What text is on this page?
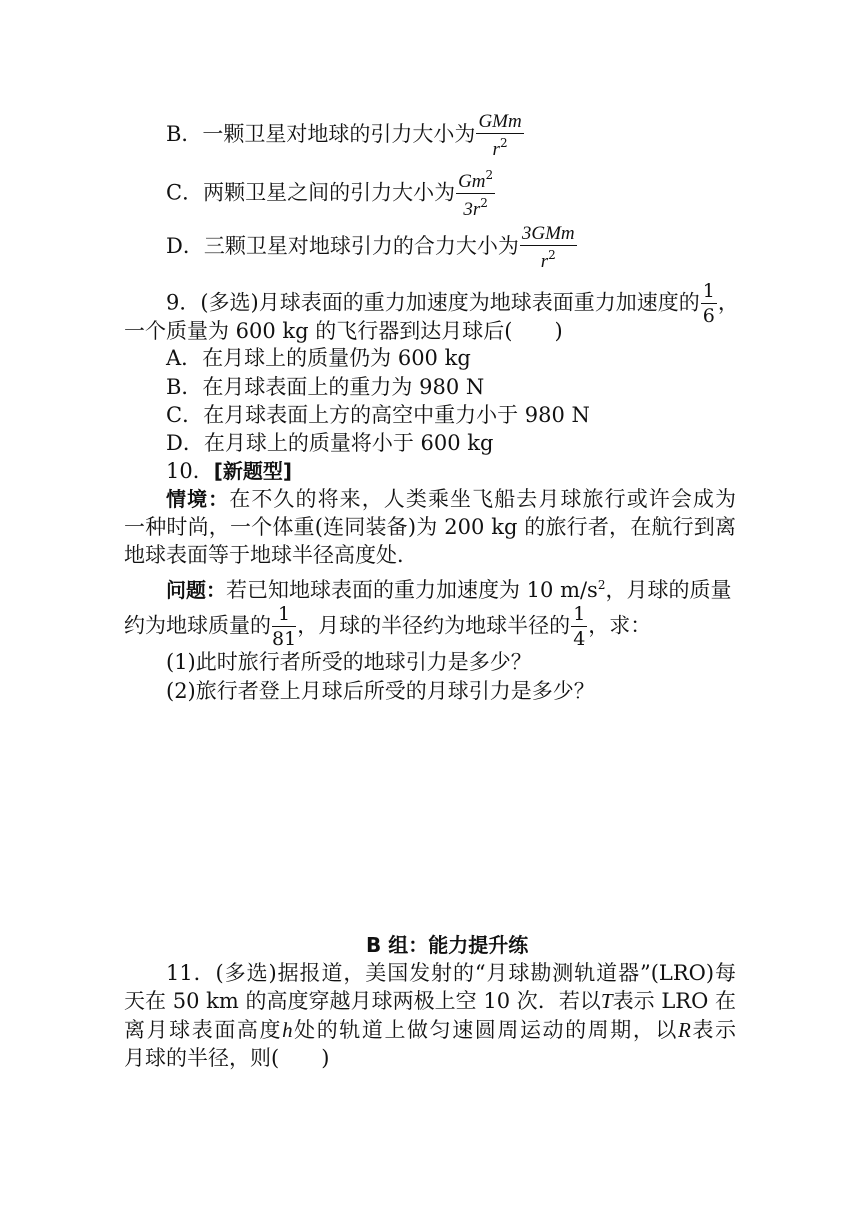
B．一颗卫星对地球的引力大小为 $\frac{\text{GMm}}{r^2}$
C．两颗卫星之间的引力大小为 $\frac{Gm^2}{3r^2}$
D．三颗卫星对地球引力的合力大小为 $\frac{\text{3GMm}}{r^2}$
9．(多选)月球表面的重力加速度为地球表面重力加速度的 $\frac{1}{6}$ ，
一个质量为 600 kg 的飞行器到达月球后(　　)
A．在月球上的质量仍为 600 kg
B．在月球表面上的重力为 980 N
C．在月球表面上方的高空中重力小于 980 N
D．在月球上的质量将小于 600 kg
10．[新题型]
情境：在不久的将来，人类乘坐飞船去月球旅行或许会成为
一种时尚，一个体重(连同装备)为 200 kg 的旅行者，在航行到离
地球表面等于地球半径高度处．
问题：若已知地球表面的重力加速度为 10 $m/s^2$，月球的质量
约为地球质量的 $\frac{1}{81}$ ，月球的半径约为地球半径的 $\frac{1}{4}$ ，求：
(1)此时旅行者所受的地球引力是多少？
(2)旅行者登上月球后所受的月球引力是多少？
B 组：能力提升练
11．(多选)据报道，美国发射的“月球勘测轨道器”(LRO)每
天在 50 km 的高度穿越月球两极上空 10 次．若以T表示 LRO 在
离月球表面高度h处的轨道上做匀速圆周运动的周期，以R表示
月球的半径，则(　　)
